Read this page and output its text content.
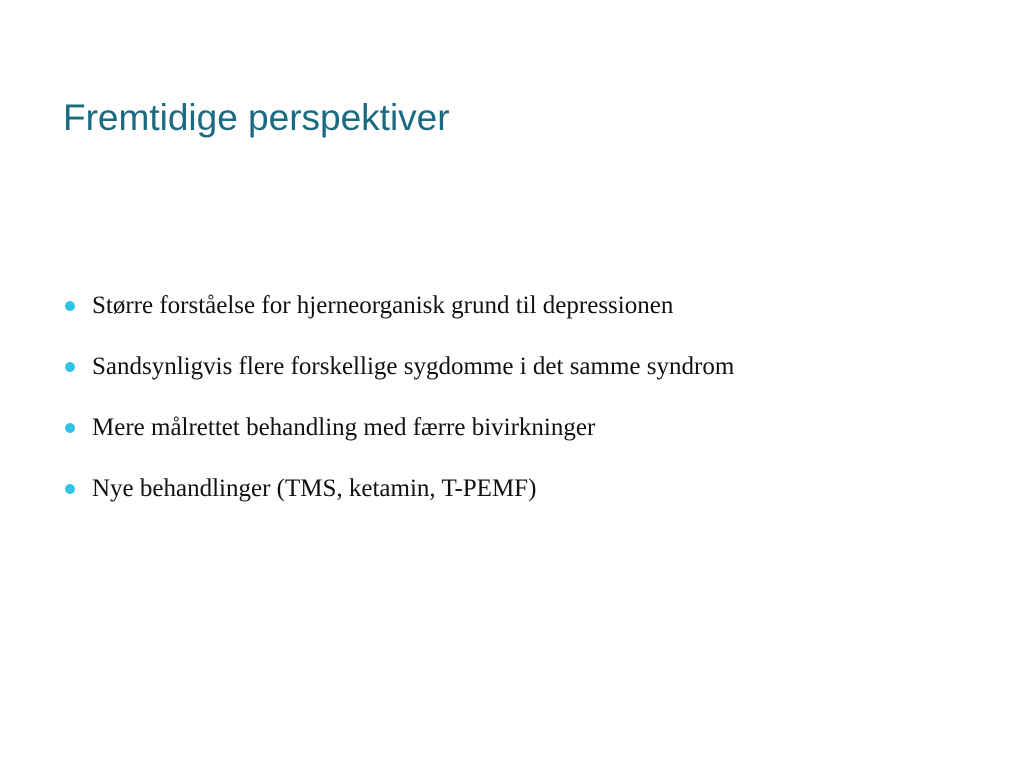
Fremtidige perspektiver
Større forståelse for hjerneorganisk grund til depressionen
Sandsynligvis flere forskellige sygdomme i det samme syndrom
Mere målrettet behandling med færre bivirkninger
Nye behandlinger (TMS, ketamin, T-PEMF)
